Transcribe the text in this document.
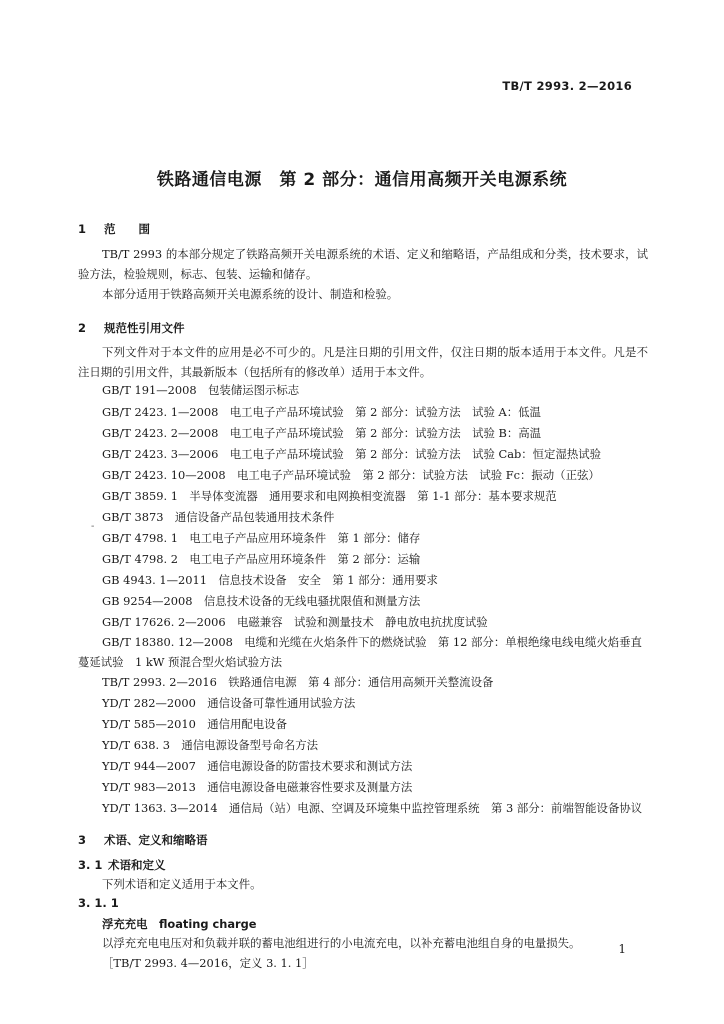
TB/T 2993. 2—2016
铁路通信电源　第 2 部分：通信用高频开关电源系统
1 范　　围
TB/T 2993 的本部分规定了铁路高频开关电源系统的术语、定义和缩略语，产品组成和分类，技术要求，试验方法，检验规则，标志、包装、运输和储存。
本部分适用于铁路高频开关电源系统的设计、制造和检验。
2 规范性引用文件
下列文件对于本文件的应用是必不可少的。凡是注日期的引用文件，仅注日期的版本适用于本文件。凡是不注日期的引用文件，其最新版本（包括所有的修改单）适用于本文件。
-
GB/T 191—2008　包装储运图示标志
GB/T 2423. 1—2008　电工电子产品环境试验　第 2 部分：试验方法　试验 A：低温
GB/T 2423. 2—2008　电工电子产品环境试验　第 2 部分：试验方法　试验 B：高温
GB/T 2423. 3—2006　电工电子产品环境试验　第 2 部分：试验方法　试验 Cab：恒定湿热试验
GB/T 2423. 10—2008　电工电子产品环境试验　第 2 部分：试验方法　试验 Fc：振动（正弦）
GB/T 3859. 1　半导体变流器　通用要求和电网换相变流器　第 1-1 部分：基本要求规范
GB/T 3873　通信设备产品包装通用技术条件
GB/T 4798. 1　电工电子产品应用环境条件　第 1 部分：储存
GB/T 4798. 2　电工电子产品应用环境条件　第 2 部分：运输
GB 4943. 1—2011　信息技术设备　安全　第 1 部分：通用要求
GB 9254—2008　信息技术设备的无线电骚扰限值和测量方法
GB/T 17626. 2—2006　电磁兼容　试验和测量技术　静电放电抗扰度试验
GB/T 18380. 12—2008　电缆和光缆在火焰条件下的燃烧试验　第 12 部分：单根绝缘电线电缆火焰垂直蔓延试验　1 kW 预混合型火焰试验方法
TB/T 2993. 2—2016　铁路通信电源　第 4 部分：通信用高频开关整流设备
YD/T 282—2000　通信设备可靠性通用试验方法
YD/T 585—2010　通信用配电设备
YD/T 638. 3　通信电源设备型号命名方法
YD/T 944—2007　通信电源设备的防雷技术要求和测试方法
YD/T 983—2013　通信电源设备电磁兼容性要求及测量方法
YD/T 1363. 3—2014　通信局（站）电源、空调及环境集中监控管理系统　第 3 部分：前端智能设备协议
3 术语、定义和缩略语
3. 1 术语和定义
下列术语和定义适用于本文件。
3. 1. 1
浮充充电　floating charge
以浮充充电电压对和负载并联的蓄电池组进行的小电流充电，以补充蓄电池组自身的电量损失。
［TB/T 2993. 4—2016，定义 3. 1. 1］
1
